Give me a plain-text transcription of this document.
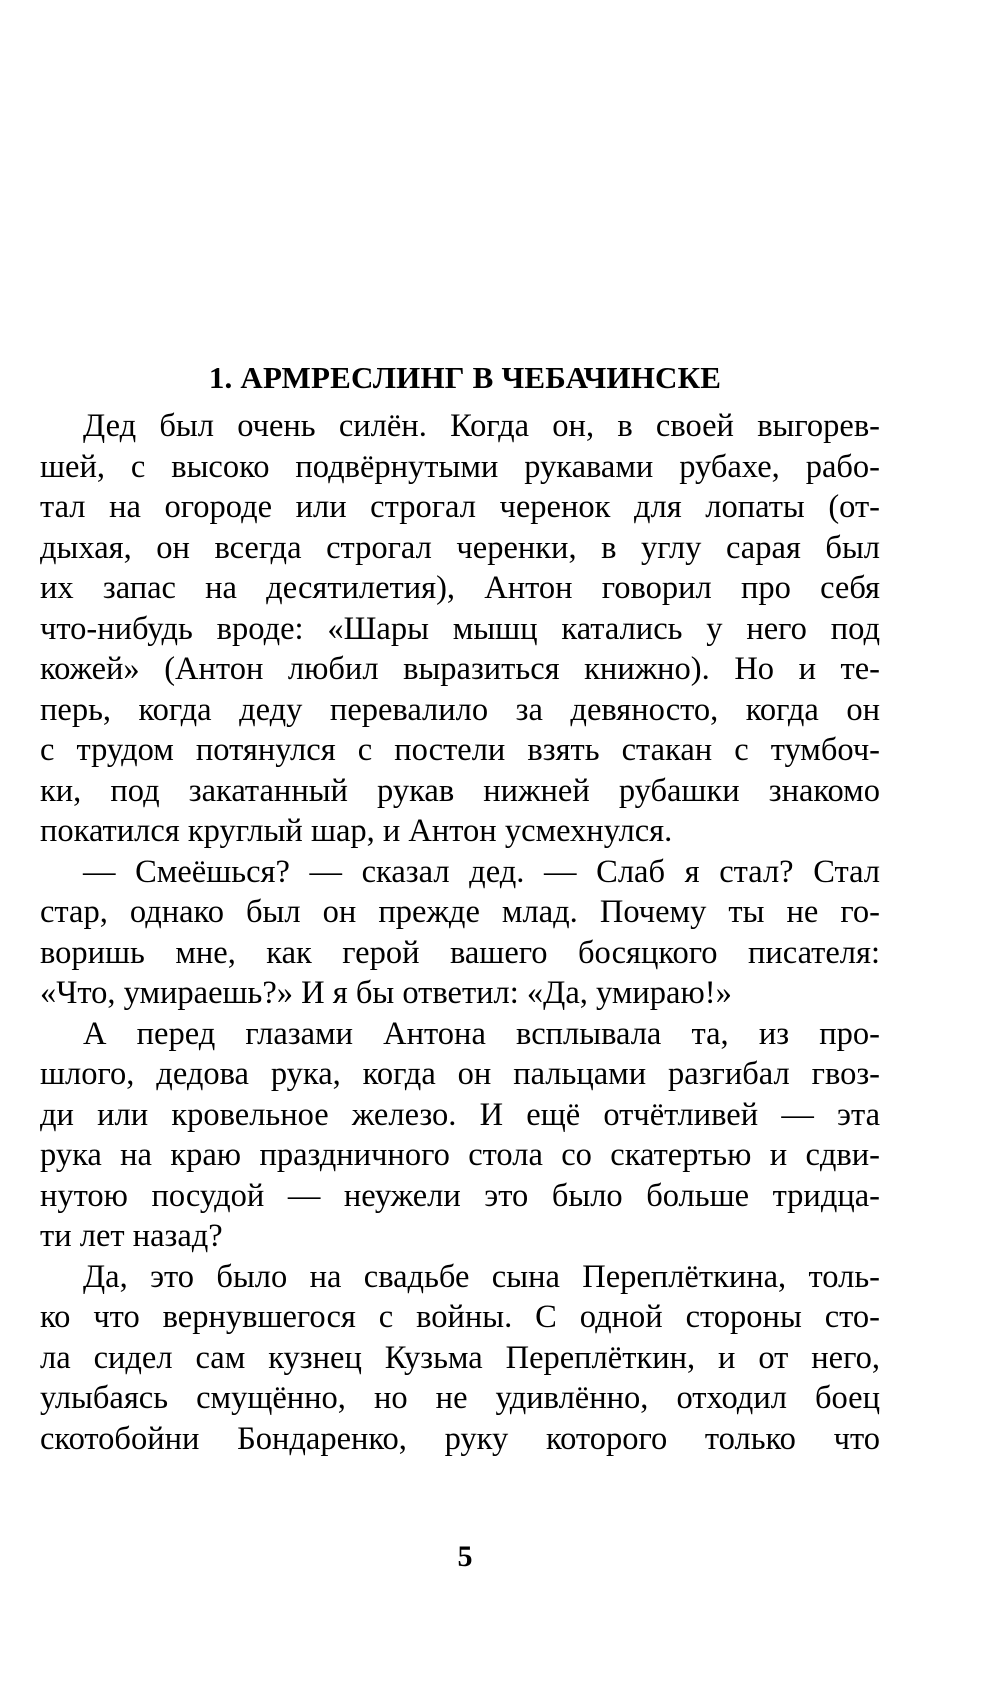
1. АРМРЕСЛИНГ В ЧЕБАЧИНСКЕ
Дед был очень силён. Когда он, в своей выгорев-
шей, с высоко подвёрнутыми рукавами рубахе, рабо-
тал на огороде или строгал черенок для лопаты (от-
дыхая, он всегда строгал черенки, в углу сарая был
их запас на десятилетия), Антон говорил про себя
что-нибудь вроде: «Шары мышц катались у него под
кожей» (Антон любил выразиться книжно). Но и те-
перь, когда деду перевалило за девяносто, когда он
с трудом потянулся с постели взять стакан с тумбоч-
ки, под закатанный рукав нижней рубашки знакомо
покатился круглый шар, и Антон усмехнулся.
— Смеёшься? — сказал дед. — Слаб я стал? Стал
стар, однако был он прежде млад. Почему ты не го-
воришь мне, как герой вашего босяцкого писателя:
«Что, умираешь?» И я бы ответил: «Да, умираю!»
А перед глазами Антона всплывала та, из про-
шлого, дедова рука, когда он пальцами разгибал гвоз-
ди или кровельное железо. И ещё отчётливей — эта
рука на краю праздничного стола со скатертью и сдви-
нутою посудой — неужели это было больше тридца-
ти лет назад?
Да, это было на свадьбе сына Переплёткина, толь-
ко что вернувшегося с войны. С одной стороны сто-
ла сидел сам кузнец Кузьма Переплёткин, и от него,
улыбаясь смущённо, но не удивлённо, отходил боец
скотобойни Бондаренко, руку которого только что
5
